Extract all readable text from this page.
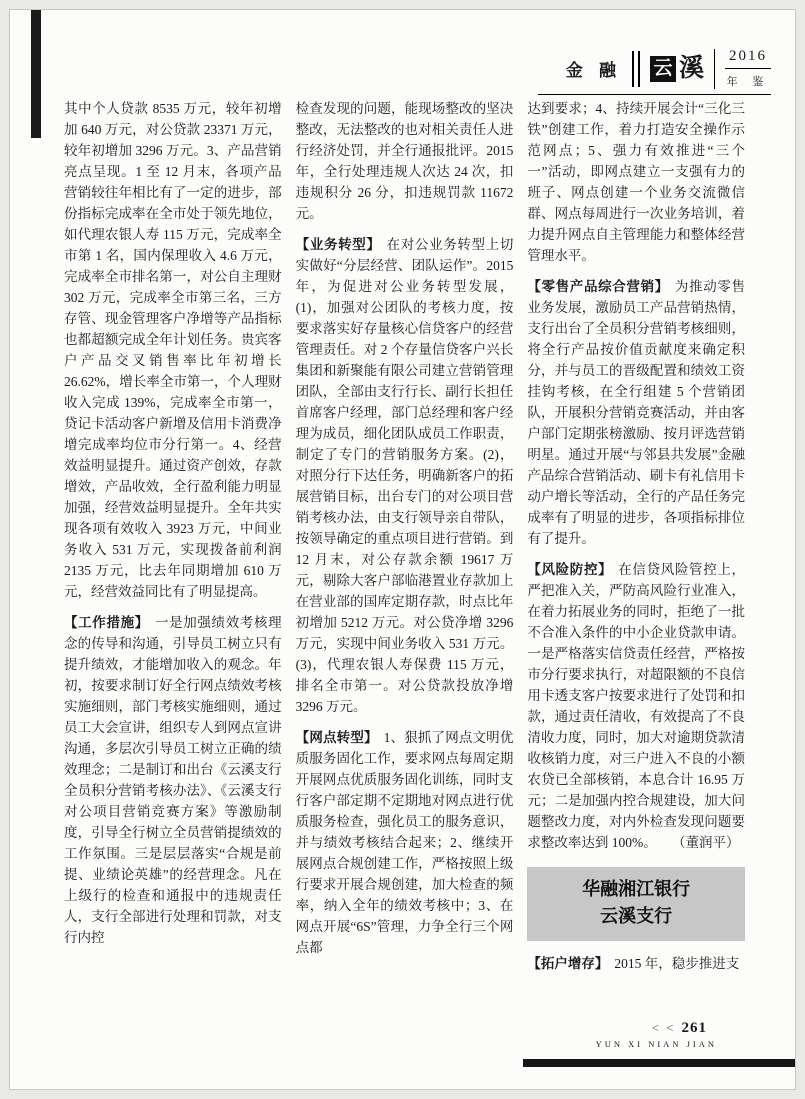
金 融 云 溪 2016
年 鉴

其中个人贷款 8535 万元，较年初增加 640 万元，对公贷款 23371 万元，较年初增加 3296 万元。3、产品营销亮点呈现。1 至 12 月末，各项产品营销较往年相比有了一定的进步，部份指标完成率在全市处于领先地位，如代理农银人寿 115 万元，完成率全市第 1 名，国内保理收入 4.6 万元，完成率全市排名第一，对公自主理财 302 万元，完成率全市第三名，三方存管、现金管理客户净增等产品指标也都超额完成全年计划任务。贵宾客户产品交叉销售率比年初增长 26.62%，增长率全市第一，个人理财收入完成 139%，完成率全市第一，贷记卡活动客户新增及信用卡消费净增完成率均位市分行第一。4、经营效益明显提升。通过资产创效，存款增效，产品收效，全行盈利能力明显加强，经营效益明显提升。全年共实现各项有效收入 3923 万元，中间业务收入 531 万元，实现拨备前利润 2135 万元，比去年同期增加 610 万元，经营效益同比有了明显提高。

【工作措施】 一是加强绩效考核理念的传导和沟通，引导员工树立只有提升绩效，才能增加收入的观念。年初，按要求制订好全行网点绩效考核实施细则，部门考核实施细则，通过员工大会宣讲，组织专人到网点宣讲沟通，多层次引导员工树立正确的绩效理念；二是制订和出台《云溪支行全员积分营销考核办法》、《云溪支行对公项目营销竞赛方案》等激励制度，引导全行树立全员营销提绩效的工作氛围。三是层层落实“合规是前提、业绩论英雄”的经营理念。凡在上级行的检查和通报中的违规责任人，支行全部进行处理和罚款，对支行内控

检查发现的问题，能现场整改的坚决整改，无法整改的也对相关责任人进行经济处罚，并全行通报批评。2015 年，全行处理违规人次达 24 次，扣违规积分 26 分，扣违规罚款 11672 元。

【业务转型】 在对公业务转型上切实做好“分层经营、团队运作”。2015 年，为促进对公业务转型发展，(1)，加强对公团队的考核力度，按要求落实好存量核心信贷客户的经营管理责任。对 2 个存量信贷客户兴长集团和新聚能有限公司建立营销管理团队，全部由支行行长、副行长担任首席客户经理，部门总经理和客户经理为成员，细化团队成员工作职责，制定了专门的营销服务方案。(2)，对照分行下达任务，明确新客户的拓展营销目标，出台专门的对公项目营销考核办法，由支行领导亲自带队，按领导确定的重点项目进行营销。到 12 月末，对公存款余额 19617 万元，剔除大客户部临港置业存款加上在营业部的国库定期存款，时点比年初增加 5212 万元。对公贷净增 3296 万元，实现中间业务收入 531 万元。(3)，代理农银人寿保费 115 万元，排名全市第一。对公贷款投放净增 3296 万元。

【网点转型】 1、狠抓了网点文明优质服务固化工作，要求网点每周定期开展网点优质服务固化训练，同时支行客户部定期不定期地对网点进行优质服务检查，强化员工的服务意识，并与绩效考核结合起来；2、继续开展网点合规创建工作，严格按照上级行要求开展合规创建，加大检查的频率，纳入全年的绩效考核中；3、在网点开展“6S”管理，力争全行三个网点都

达到要求；4、持续开展会计“三化三铁”创建工作，着力打造安全操作示范网点；5、强力有效推进“三个一”活动，即网点建立一支强有力的班子、网点创建一个业务交流微信群、网点每周进行一次业务培训，着力提升网点自主管理能力和整体经营管理水平。

【零售产品综合营销】 为推动零售业务发展，激励员工产品营销热情，支行出台了全员积分营销考核细则，将全行产品按价值贡献度来确定积分，并与员工的晋级配置和绩效工资挂钩考核，在全行组建 5 个营销团队，开展积分营销竞赛活动，并由客户部门定期张榜激励、按月评选营销明星。通过开展“与邻县共发展”金融产品综合营销活动、刷卡有礼信用卡动户增长等活动，全行的产品任务完成率有了明显的进步，各项指标排位有了提升。

【风险防控】 在信贷风险管控上，严把准入关，严防高风险行业准入，在着力拓展业务的同时，拒绝了一批不合准入条件的中小企业贷款申请。一是严格落实信贷责任经营，严格按市分行要求执行，对超限额的不良信用卡透支客户按要求进行了处罚和扣款，通过责任清收，有效提高了不良清收力度，同时，加大对逾期贷款清收核销力度，对三户进入不良的小额农贷已全部核销，本息合计 16.95 万元；二是加强内控合规建设，加大问题整改力度，对内外检查发现问题要求整改率达到 100%。 （董润平）

华融湘江银行
云溪支行

【拓户增存】 2015 年，稳步推进支

< < 261
YUN XI NIAN JIAN
